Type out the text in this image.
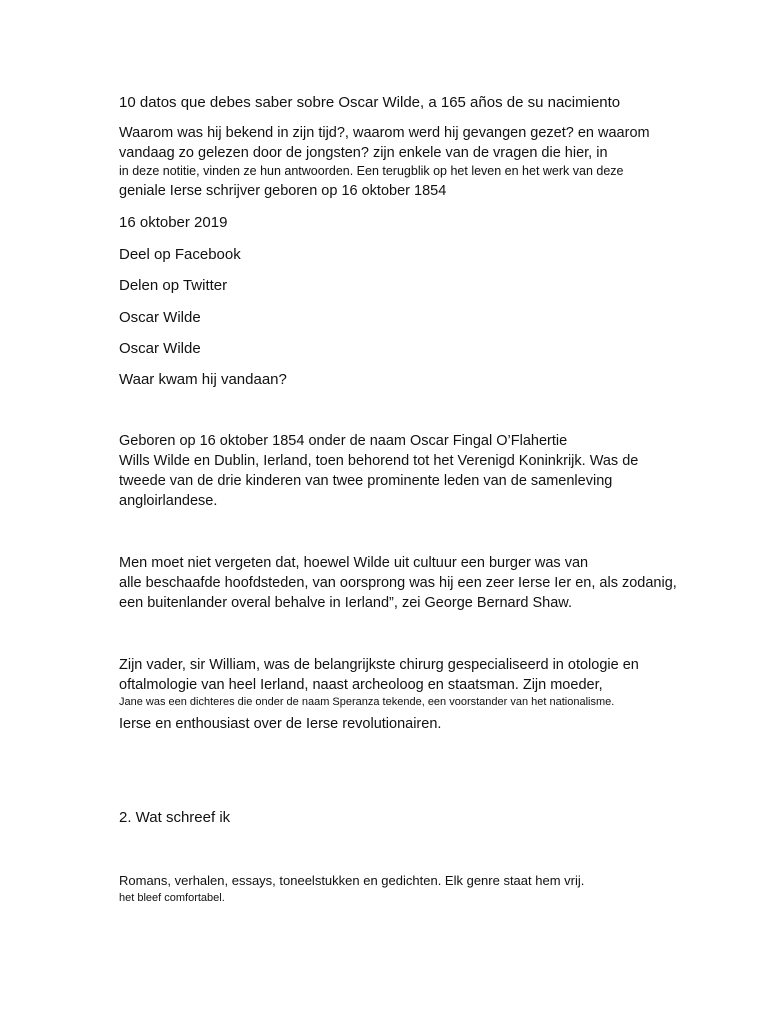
10 datos que debes saber sobre Oscar Wilde, a 165 años de su nacimiento
Waarom was hij bekend in zijn tijd?, waarom werd hij gevangen gezet? en waarom
vandaag zo gelezen door de jongsten? zijn enkele van de vragen die hier, in
in deze notitie, vinden ze hun antwoorden. Een terugblik op het leven en het werk van deze
geniale Ierse schrijver geboren op 16 oktober 1854
16 oktober 2019
Deel op Facebook
Delen op Twitter
Oscar Wilde
Oscar Wilde
Waar kwam hij vandaan?
Geboren op 16 oktober 1854 onder de naam Oscar Fingal O’Flahertie
Wills Wilde en Dublin, Ierland, toen behorend tot het Verenigd Koninkrijk. Was de
tweede van de drie kinderen van twee prominente leden van de samenleving
angloirlandese.
Men moet niet vergeten dat, hoewel Wilde uit cultuur een burger was van
alle beschaafde hoofdsteden, van oorsprong was hij een zeer Ierse Ier en, als zodanig,
een buitenlander overal behalve in Ierland”, zei George Bernard Shaw.
Zijn vader, sir William, was de belangrijkste chirurg gespecialiseerd in otologie en
oftalmologie van heel Ierland, naast archeoloog en staatsman. Zijn moeder,
Jane was een dichteres die onder de naam Speranza tekende, een voorstander van het nationalisme.
Ierse en enthousiast over de Ierse revolutionairen.
2. Wat schreef ik
Romans, verhalen, essays, toneelstukken en gedichten. Elk genre staat hem vrij.
het bleef comfortabel.
